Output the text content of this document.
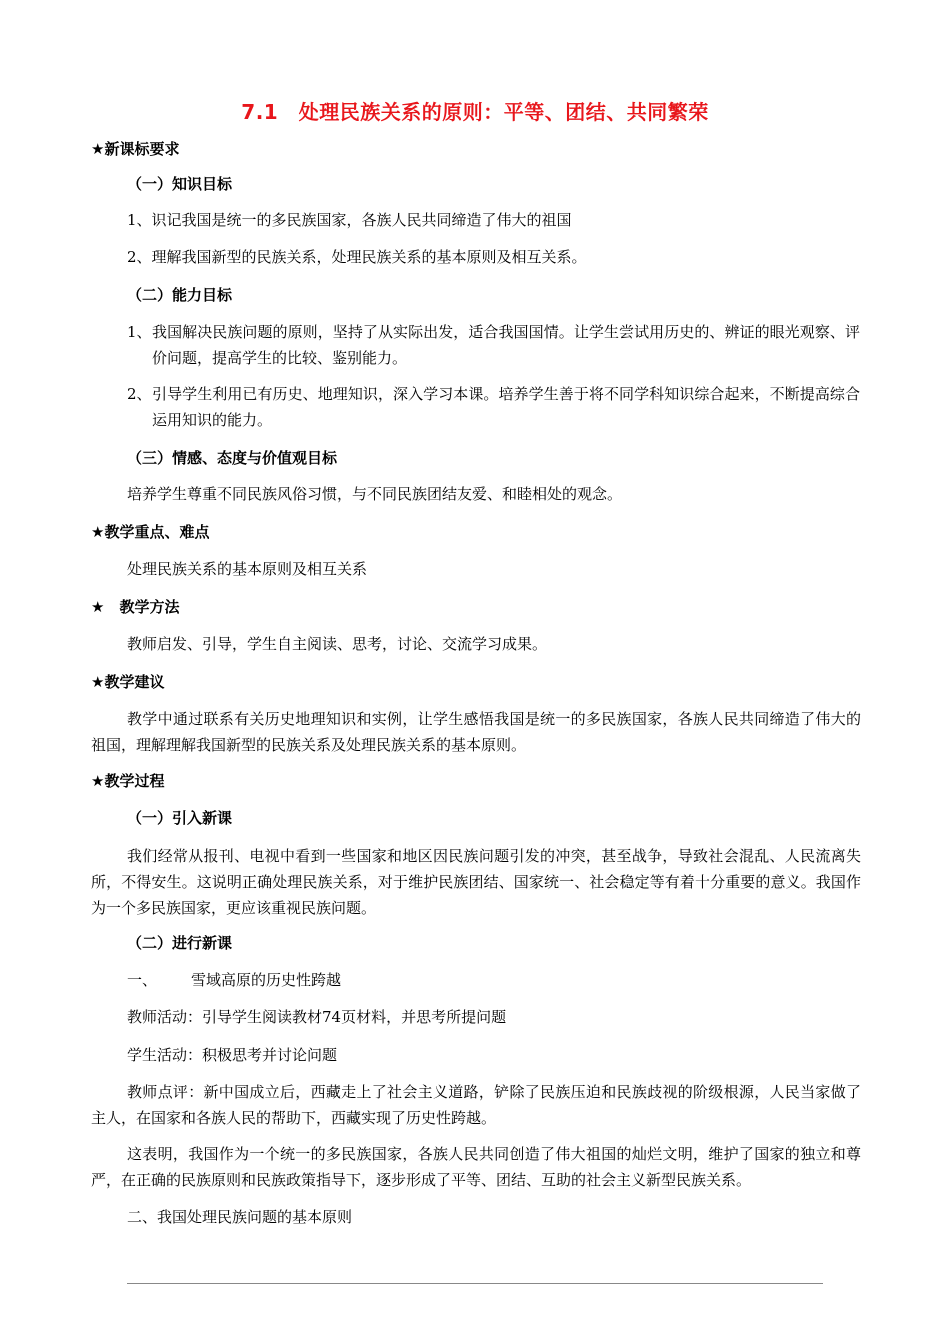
7.1　处理民族关系的原则：平等、团结、共同繁荣
★新课标要求
（一）知识目标
1、识记我国是统一的多民族国家，各族人民共同缔造了伟大的祖国
2、理解我国新型的民族关系，处理民族关系的基本原则及相互关系。
（二）能力目标
1、 我国解决民族问题的原则，坚持了从实际出发，适合我国国情。让学生尝试用历史的、辨证的眼光观察、评价问题，提高学生的比较、鉴别能力。
2、 引导学生利用已有历史、地理知识，深入学习本课。培养学生善于将不同学科知识综合起来，不断提高综合运用知识的能力。
（三）情感、态度与价值观目标
培养学生尊重不同民族风俗习惯，与不同民族团结友爱、和睦相处的观念。
★教学重点、难点
处理民族关系的基本原则及相互关系
★　教学方法
教师启发、引导，学生自主阅读、思考，讨论、交流学习成果。
★教学建议
教学中通过联系有关历史地理知识和实例，让学生感悟我国是统一的多民族国家，各族人民共同缔造了伟大的祖国，理解理解我国新型的民族关系及处理民族关系的基本原则。
★教学过程
（一）引入新课
我们经常从报刊、电视中看到一些国家和地区因民族问题引发的冲突，甚至战争，导致社会混乱、人民流离失所，不得安生。这说明正确处理民族关系，对于维护民族团结、国家统一、社会稳定等有着十分重要的意义。我国作为一个多民族国家，更应该重视民族问题。
（二）进行新课
一、 雪域高原的历史性跨越
教师活动：引导学生阅读教材74页材料，并思考所提问题
学生活动：积极思考并讨论问题
教师点评：新中国成立后，西藏走上了社会主义道路，铲除了民族压迫和民族歧视的阶级根源，人民当家做了主人，在国家和各族人民的帮助下，西藏实现了历史性跨越。
这表明，我国作为一个统一的多民族国家，各族人民共同创造了伟大祖国的灿烂文明，维护了国家的独立和尊严，在正确的民族原则和民族政策指导下，逐步形成了平等、团结、互助的社会主义新型民族关系。
二、我国处理民族问题的基本原则
